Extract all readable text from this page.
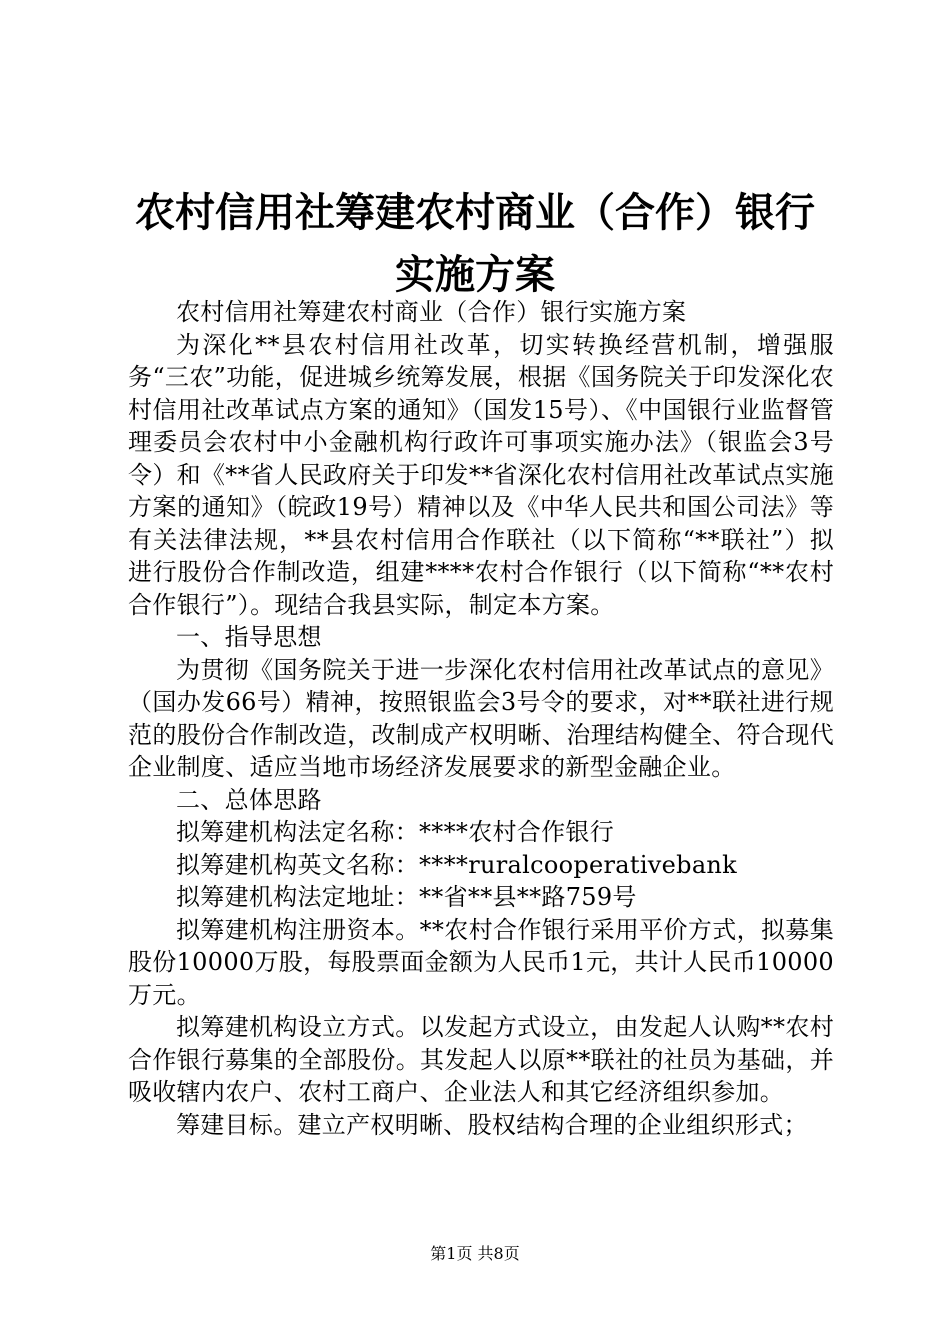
农村信用社筹建农村商业（合作）银行实施方案

农村信用社筹建农村商业（合作）银行实施方案

为深化**县农村信用社改革，切实转换经营机制，增强服务“三农”功能，促进城乡统筹发展，根据《国务院关于印发深化农村信用社改革试点方案的通知》（国发15号）、《中国银行业监督管理委员会农村中小金融机构行政许可事项实施办法》（银监会3号令）和《**省人民政府关于印发**省深化农村信用社改革试点实施方案的通知》（皖政19号）精神以及《中华人民共和国公司法》等有关法律法规，**县农村信用合作联社（以下简称“**联社”）拟进行股份合作制改造，组建****农村合作银行（以下简称“**农村合作银行”）。现结合我县实际，制定本方案。

一、指导思想

为贯彻《国务院关于进一步深化农村信用社改革试点的意见》（国办发66号）精神，按照银监会3号令的要求，对**联社进行规范的股份合作制改造，改制成产权明晰、治理结构健全、符合现代企业制度、适应当地市场经济发展要求的新型金融企业。

二、总体思路

拟筹建机构法定名称：****农村合作银行

拟筹建机构英文名称：****ruralcooperativebank

拟筹建机构法定地址：**省**县**路759号

拟筹建机构注册资本。**农村合作银行采用平价方式，拟募集股份10000万股，每股票面金额为人民币1元，共计人民币10000万元。

拟筹建机构设立方式。以发起方式设立，由发起人认购**农村合作银行募集的全部股份。其发起人以原**联社的社员为基础，并吸收辖内农户、农村工商户、企业法人和其它经济组织参加。

筹建目标。建立产权明晰、股权结构合理的企业组织形式；

第1页 共8页
